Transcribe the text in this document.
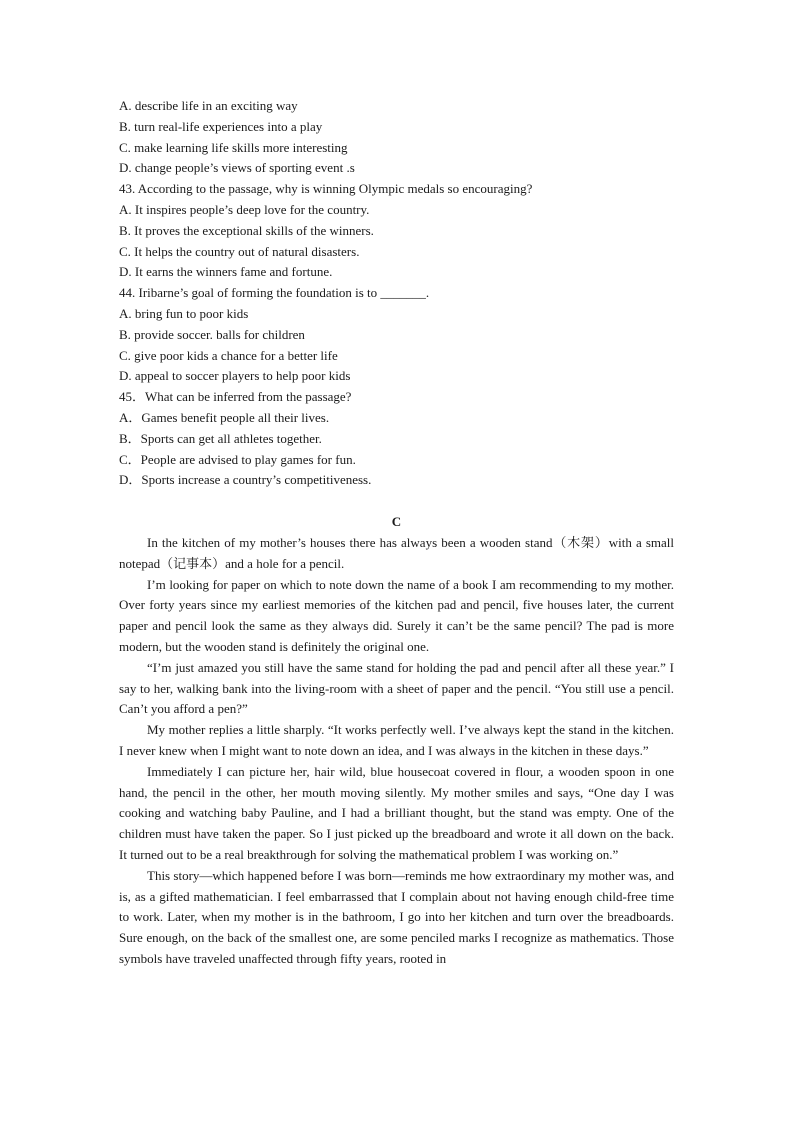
A. describe life in an exciting way
B. turn real-life experiences into a play
C. make learning life skills more interesting
D. change people’s views of sporting event .s
43. According to the passage, why is winning Olympic medals so encouraging?
A. It inspires people’s deep love for the country.
B. It proves the exceptional skills of the winners.
C. It helps the country out of natural disasters.
D. It earns the winners fame and fortune.
44. Iribarne’s goal of forming the foundation is to _______.
A. bring fun to poor kids
B. provide soccer. balls for children
C. give poor kids a chance for a better life
D. appeal to soccer players to help poor kids
45．What can be inferred from the passage?
A．Games benefit people all their lives.
B．Sports can get all athletes together.
C．People are advised to play games for fun.
D．Sports increase a country’s competitiveness.
C

In the kitchen of my mother’s houses there has always been a wooden stand（木架）with a small notepad（记事本）and a hole for a pencil.

I’m looking for paper on which to note down the name of a book I am recommending to my mother. Over forty years since my earliest memories of the kitchen pad and pencil, five houses later, the current paper and pencil look the same as they always did. Surely it can’t be the same pencil? The pad is more modern, but the wooden stand is definitely the original one.

“I’m just amazed you still have the same stand for holding the pad and pencil after all these year.” I say to her, walking bank into the living-room with a sheet of paper and the pencil. “You still use a pencil. Can’t you afford a pen?”

My mother replies a little sharply. “It works perfectly well. I’ve always kept the stand in the kitchen. I never knew when I might want to note down an idea, and I was always in the kitchen in these days.”

Immediately I can picture her, hair wild, blue housecoat covered in flour, a wooden spoon in one hand, the pencil in the other, her mouth moving silently. My mother smiles and says, “One day I was cooking and watching baby Pauline, and I had a brilliant thought, but the stand was empty. One of the children must have taken the paper. So I just picked up the breadboard and wrote it all down on the back. It turned out to be a real breakthrough for solving the mathematical problem I was working on.”

This story—which happened before I was born—reminds me how extraordinary my mother was, and is, as a gifted mathematician. I feel embarrassed that I complain about not having enough child-free time to work. Later, when my mother is in the bathroom, I go into her kitchen and turn over the breadboards. Sure enough, on the back of the smallest one, are some penciled marks I recognize as mathematics. Those symbols have traveled unaffected through fifty years, rooted in
